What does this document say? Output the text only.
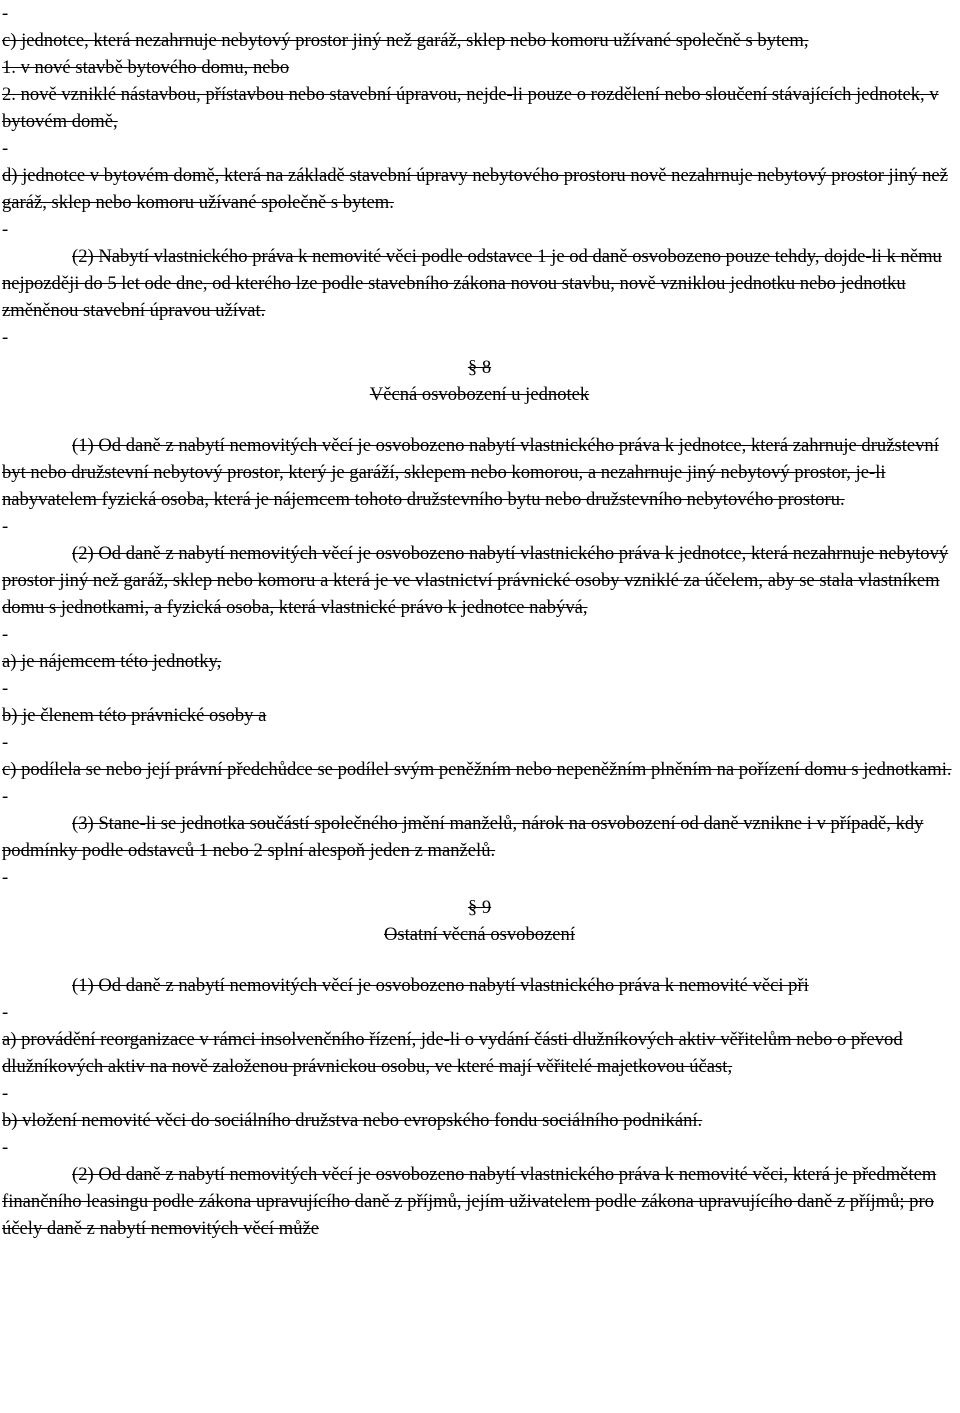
-
c) jednotce, která nezahrnuje nebytový prostor jiný než garáž, sklep nebo komoru užívané společně s bytem,
1. v nové stavbě bytového domu, nebo
2. nově vzniklé nástavbou, přístavbou nebo stavební úpravou, nejde-li pouze o rozdělení nebo sloučení stávajících jednotek, v bytovém domě,
-
d) jednotce v bytovém domě, která na základě stavební úpravy nebytového prostoru nově nezahrnuje nebytový prostor jiný než garáž, sklep nebo komoru užívané společně s bytem.
-
(2) Nabytí vlastnického práva k nemovité věci podle odstavce 1 je od daně osvobozeno pouze tehdy, dojde-li k němu nejpozději do 5 let ode dne, od kterého lze podle stavebního zákona novou stavbu, nově vzniklou jednotku nebo jednotku změněnou stavební úpravou užívat.
-
§ 8
Věcná osvobození u jednotek
(1) Od daně z nabytí nemovitých věcí je osvobozeno nabytí vlastnického práva k jednotce, která zahrnuje družstevní byt nebo družstevní nebytový prostor, který je garáží, sklepem nebo komorou, a nezahrnuje jiný nebytový prostor, je-li nabyvatelem fyzická osoba, která je nájemcem tohoto družstevního bytu nebo družstevního nebytového prostoru.
-
(2) Od daně z nabytí nemovitých věcí je osvobozeno nabytí vlastnického práva k jednotce, která nezahrnuje nebytový prostor jiný než garáž, sklep nebo komoru a která je ve vlastnictví právnické osoby vzniklé za účelem, aby se stala vlastníkem domu s jednotkami, a fyzická osoba, která vlastnické právo k jednotce nabývá,
-
a) je nájemcem této jednotky,
-
b) je členem této právnické osoby a
-
c) podílela se nebo její právní předchůdce se podílel svým peněžním nebo nepeněžním plněním na pořízení domu s jednotkami.
-
(3) Stane-li se jednotka součástí společného jmění manželů, nárok na osvobození od daně vznikne i v případě, kdy podmínky podle odstavců 1 nebo 2 splní alespoň jeden z manželů.
-
§ 9
Ostatní věcná osvobození
(1) Od daně z nabytí nemovitých věcí je osvobozeno nabytí vlastnického práva k nemovité věci při
-
a) provádění reorganizace v rámci insolvenčního řízení, jde-li o vydání části dlužníkových aktiv věřitelům nebo o převod dlužníkových aktiv na nově založenou právnickou osobu, ve které mají věřitelé majetkovou účast,
-
b) vložení nemovité věci do sociálního družstva nebo evropského fondu sociálního podnikání.
-
(2) Od daně z nabytí nemovitých věcí je osvobozeno nabytí vlastnického práva k nemovité věci, která je předmětem finančního leasingu podle zákona upravujícího daně z příjmů, jejím uživatelem podle zákona upravujícího daně z příjmů; pro účely daně z nabytí nemovitých věcí může
